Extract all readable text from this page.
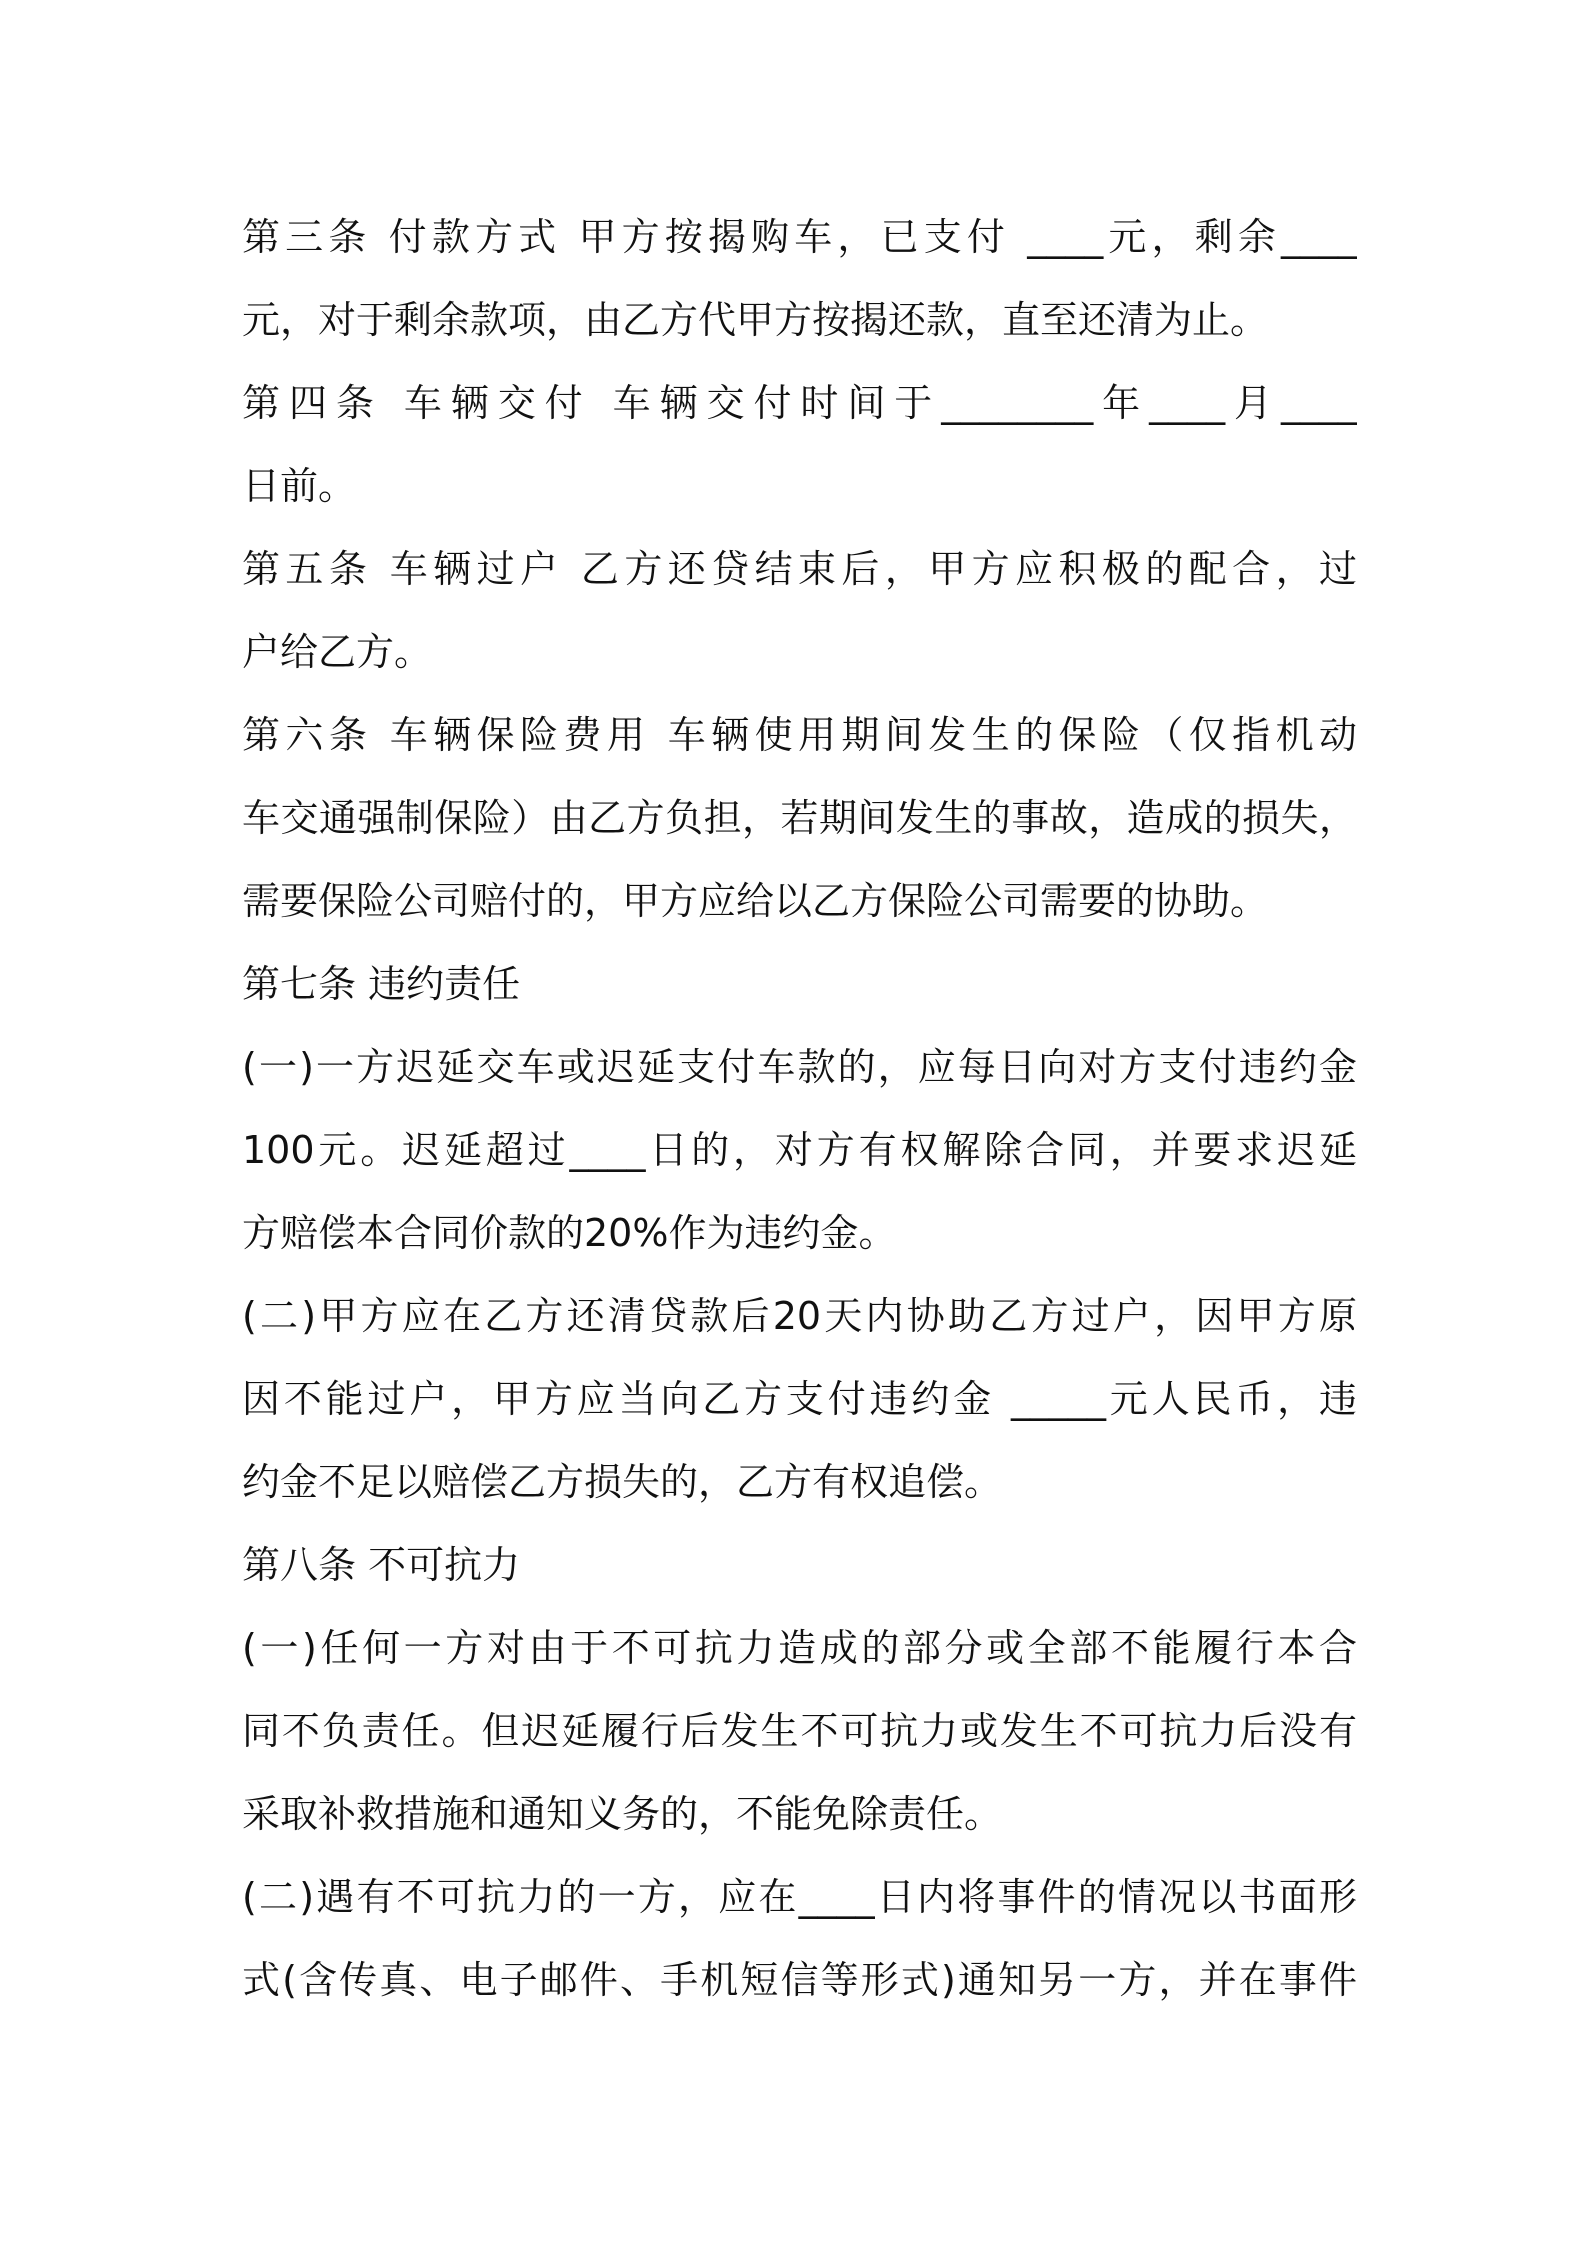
第三条 付款方式 甲方按揭购车，已支付 ____元，剩余____
元，对于剩余款项，由乙方代甲方按揭还款，直至还清为止。
第四条 车辆交付 车辆交付时间于________年____月____
日前。
第五条 车辆过户 乙方还贷结束后，甲方应积极的配合，过
户给乙方。
第六条 车辆保险费用 车辆使用期间发生的保险（仅指机动
车交通强制保险）由乙方负担，若期间发生的事故，造成的损失，
需要保险公司赔付的，甲方应给以乙方保险公司需要的协助。
第七条 违约责任
(一)一方迟延交车或迟延支付车款的，应每日向对方支付违约金
100元。迟延超过____日的，对方有权解除合同，并要求迟延
方赔偿本合同价款的20%作为违约金。
(二)甲方应在乙方还清贷款后20天内协助乙方过户，因甲方原
因不能过户，甲方应当向乙方支付违约金 _____元人民币，违
约金不足以赔偿乙方损失的，乙方有权追偿。
第八条 不可抗力
(一)任何一方对由于不可抗力造成的部分或全部不能履行本合
同不负责任。但迟延履行后发生不可抗力或发生不可抗力后没有
采取补救措施和通知义务的，不能免除责任。
(二)遇有不可抗力的一方，应在____日内将事件的情况以书面形
式(含传真、电子邮件、手机短信等形式)通知另一方，并在事件
